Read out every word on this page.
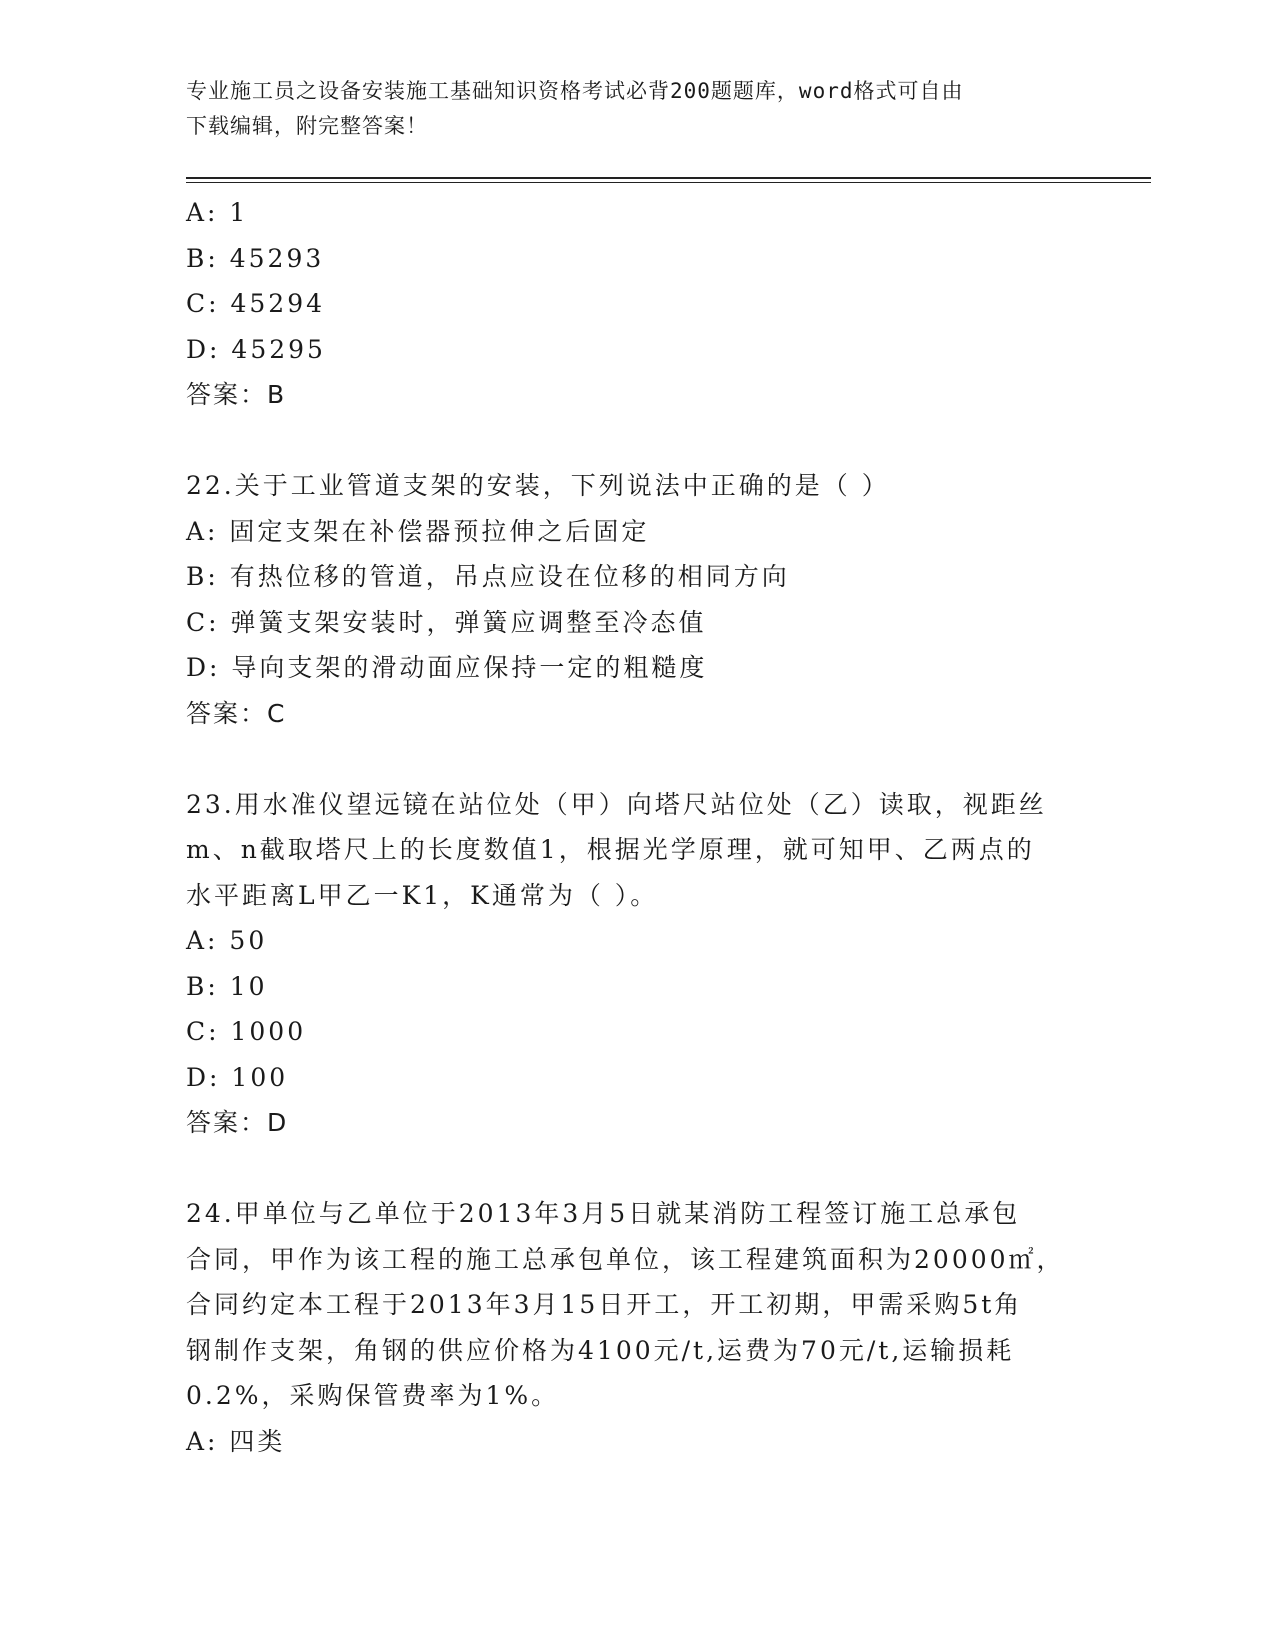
专业施工员之设备安装施工基础知识资格考试必背200题题库，word格式可自由
下载编辑，附完整答案！
A: 1
B: 45293
C: 45294
D: 45295
答案：B
22.关于工业管道支架的安装，下列说法中正确的是（ ）
A: 固定支架在补偿器预拉伸之后固定
B: 有热位移的管道，吊点应设在位移的相同方向
C: 弹簧支架安装时，弹簧应调整至冷态值
D: 导向支架的滑动面应保持一定的粗糙度
答案：C
23.用水准仪望远镜在站位处（甲）向塔尺站位处（乙）读取，视距丝
m、n截取塔尺上的长度数值1，根据光学原理，就可知甲、乙两点的
水平距离L甲乙一K1，K通常为（ ）。
A: 50
B: 10
C: 1000
D: 100
答案：D
24.甲单位与乙单位于2013年3月5日就某消防工程签订施工总承包
合同，甲作为该工程的施工总承包单位，该工程建筑面积为20000㎡，
合同约定本工程于2013年3月15日开工，开工初期，甲需采购5t角
钢制作支架，角钢的供应价格为4100元/t,运费为70元/t,运输损耗
0.2%，采购保管费率为1%。
A: 四类
